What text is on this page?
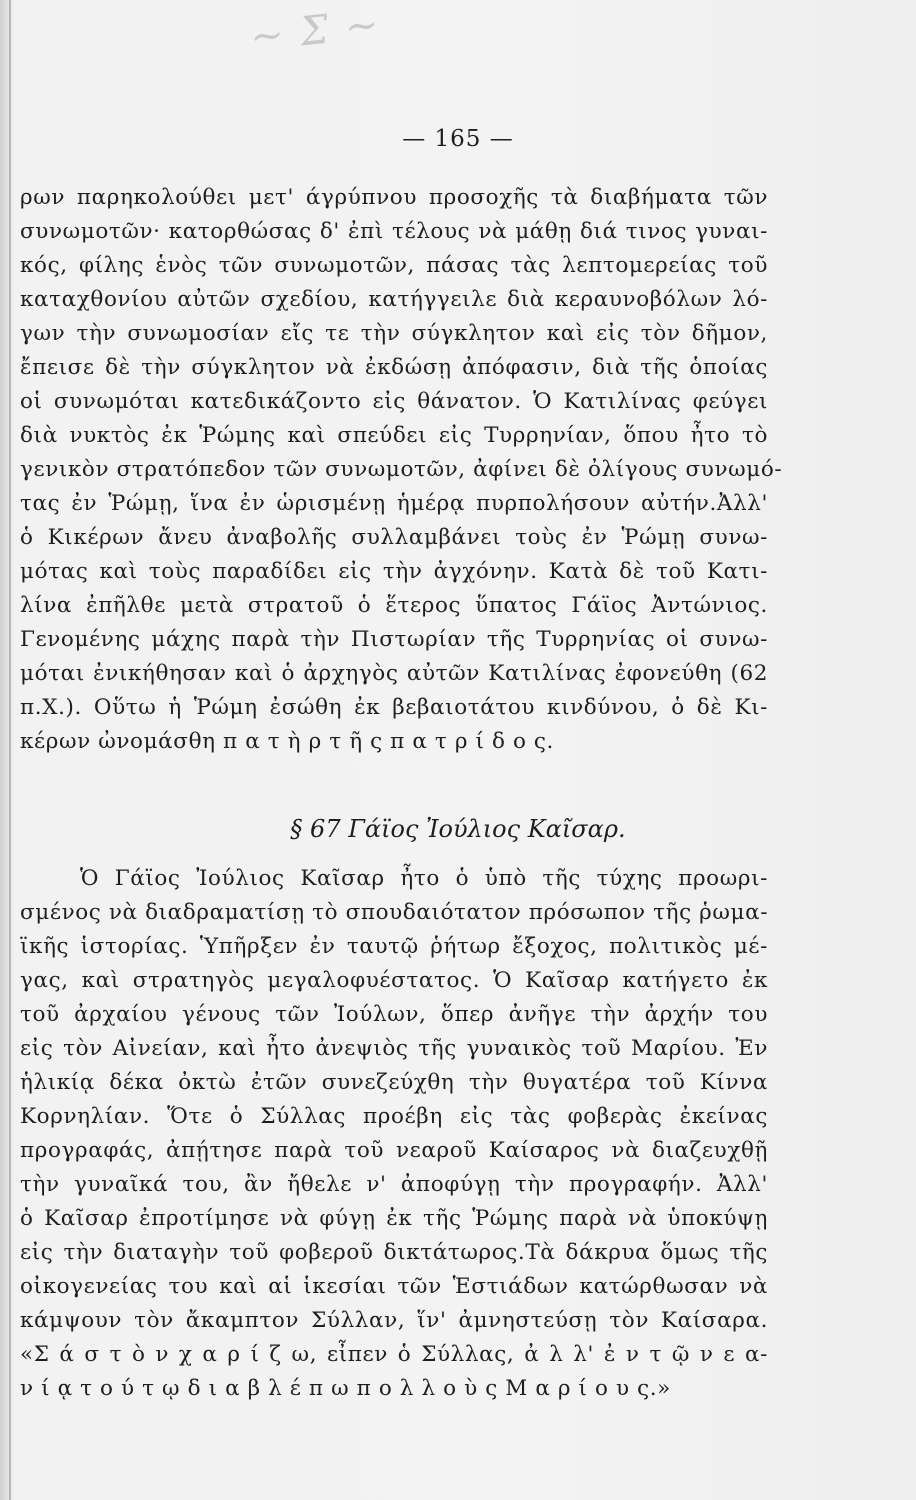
~ Σ ~
— 165 —
ρων παρηκολούθει μετ' άγρύπνου προσοχῆς τὰ διαβήματα τῶν
συνωμοτῶν· κατορθώσας δ' ἐπὶ τέλους νὰ μάθῃ διά τινος γυναι-
κός, φίλης ἑνὸς τῶν συνωμοτῶν, πάσας τὰς λεπτομερείας τοῦ
καταχθονίου αὐτῶν σχεδίου, κατήγγειλε διὰ κεραυνοβόλων λό-
γων τὴν συνωμοσίαν εἴς τε τὴν σύγκλητον καὶ εἰς τὸν δῆμον,
ἔπεισε δὲ τὴν σύγκλητον νὰ ἐκδώσῃ ἀπόφασιν, διὰ τῆς ὁποίας
οἱ συνωμόται κατεδικάζοντο εἰς θάνατον. Ὁ Κατιλίνας φεύγει
διὰ νυκτὸς ἐκ Ῥώμης καὶ σπεύδει εἰς Τυρρηνίαν, ὅπου ἦτο τὸ
γενικὸν στρατόπεδον τῶν συνωμοτῶν, ἀφίνει δὲ ὀλίγους συνωμό-
τας ἐν Ῥώμῃ, ἵνα ἐν ὡρισμένῃ ἡμέρᾳ πυρπολήσουν αὐτήν.Ἀλλ'
ὁ Κικέρων ἄνευ ἀναβολῆς συλλαμβάνει τοὺς ἐν Ῥώμῃ συνω-
μότας καὶ τοὺς παραδίδει εἰς τὴν ἀγχόνην. Κατὰ δὲ τοῦ Κατι-
λίνα ἐπῆλθε μετὰ στρατοῦ ὁ ἕτερος ὕπατος Γάϊος Ἀντώνιος.
Γενομένης μάχης παρὰ τὴν Πιστωρίαν τῆς Τυρρηνίας οἱ συνω-
μόται ἐνικήθησαν καὶ ὁ ἀρχηγὸς αὐτῶν Κατιλίνας ἐφονεύθη (62
π.Χ.). Οὕτω ἡ Ῥώμη ἐσώθη ἐκ βεβαιοτάτου κινδύνου, ὁ δὲ Κι-
κέρων ὠνομάσθη π α τ ὴ ρ τ ῆ ς π α τ ρ ί δ ο ς.
§ 67 Γάϊος Ἰούλιος Καῖσαρ.
Ὁ Γάϊος Ἰούλιος Καῖσαρ ἦτο ὁ ὑπὸ τῆς τύχης προωρι-
σμένος νὰ διαδραματίσῃ τὸ σπουδαιότατον πρόσωπον τῆς ῥωμα-
ϊκῆς ἱστορίας. Ὑπῆρξεν ἐν ταυτῷ ῥήτωρ ἔξοχος, πολιτικὸς μέ-
γας, καὶ στρατηγὸς μεγαλοφυέστατος. Ὁ Καῖσαρ κατήγετο ἐκ
τοῦ ἀρχαίου γένους τῶν Ἰούλων, ὅπερ ἀνῆγε τὴν ἀρχήν του
εἰς τὸν Αἰνείαν, καὶ ἦτο ἀνεψιὸς τῆς γυναικὸς τοῦ Μαρίου. Ἐν
ἡλικίᾳ δέκα ὀκτὼ ἐτῶν συνεζεύχθη τὴν θυγατέρα τοῦ Κίννα
Κορνηλίαν. Ὅτε ὁ Σύλλας προέβη εἰς τὰς φοβερὰς ἐκείνας
προγραφάς, ἀπῄτησε παρὰ τοῦ νεαροῦ Καίσαρος νὰ διαζευχθῇ
τὴν γυναῖκά του, ἂν ἤθελε ν' ἀποφύγῃ τὴν προγραφήν. Ἀλλ'
ὁ Καῖσαρ ἐπροτίμησε νὰ φύγῃ ἐκ τῆς Ῥώμης παρὰ νὰ ὑποκύψῃ
εἰς τὴν διαταγὴν τοῦ φοβεροῦ δικτάτωρος.Τὰ δάκρυα ὅμως τῆς
οἰκογενείας του καὶ αἱ ἱκεσίαι τῶν Ἑστιάδων κατώρθωσαν νὰ
κάμψουν τὸν ἄκαμπτον Σύλλαν, ἵν' ἀμνηστεύσῃ τὸν Καίσαρα.
«Σ ά σ τ ὸ ν χ α ρ ί ζ ω, εἶπεν ὁ Σύλλας, ἀ λ λ' ἐ ν τ ῷ ν ε α-
ν ί ᾳ τ ο ύ τ ῳ δ ι α β λ έ π ω π ο λ λ ο ὺ ς Μ α ρ ί ο υ ς.»
